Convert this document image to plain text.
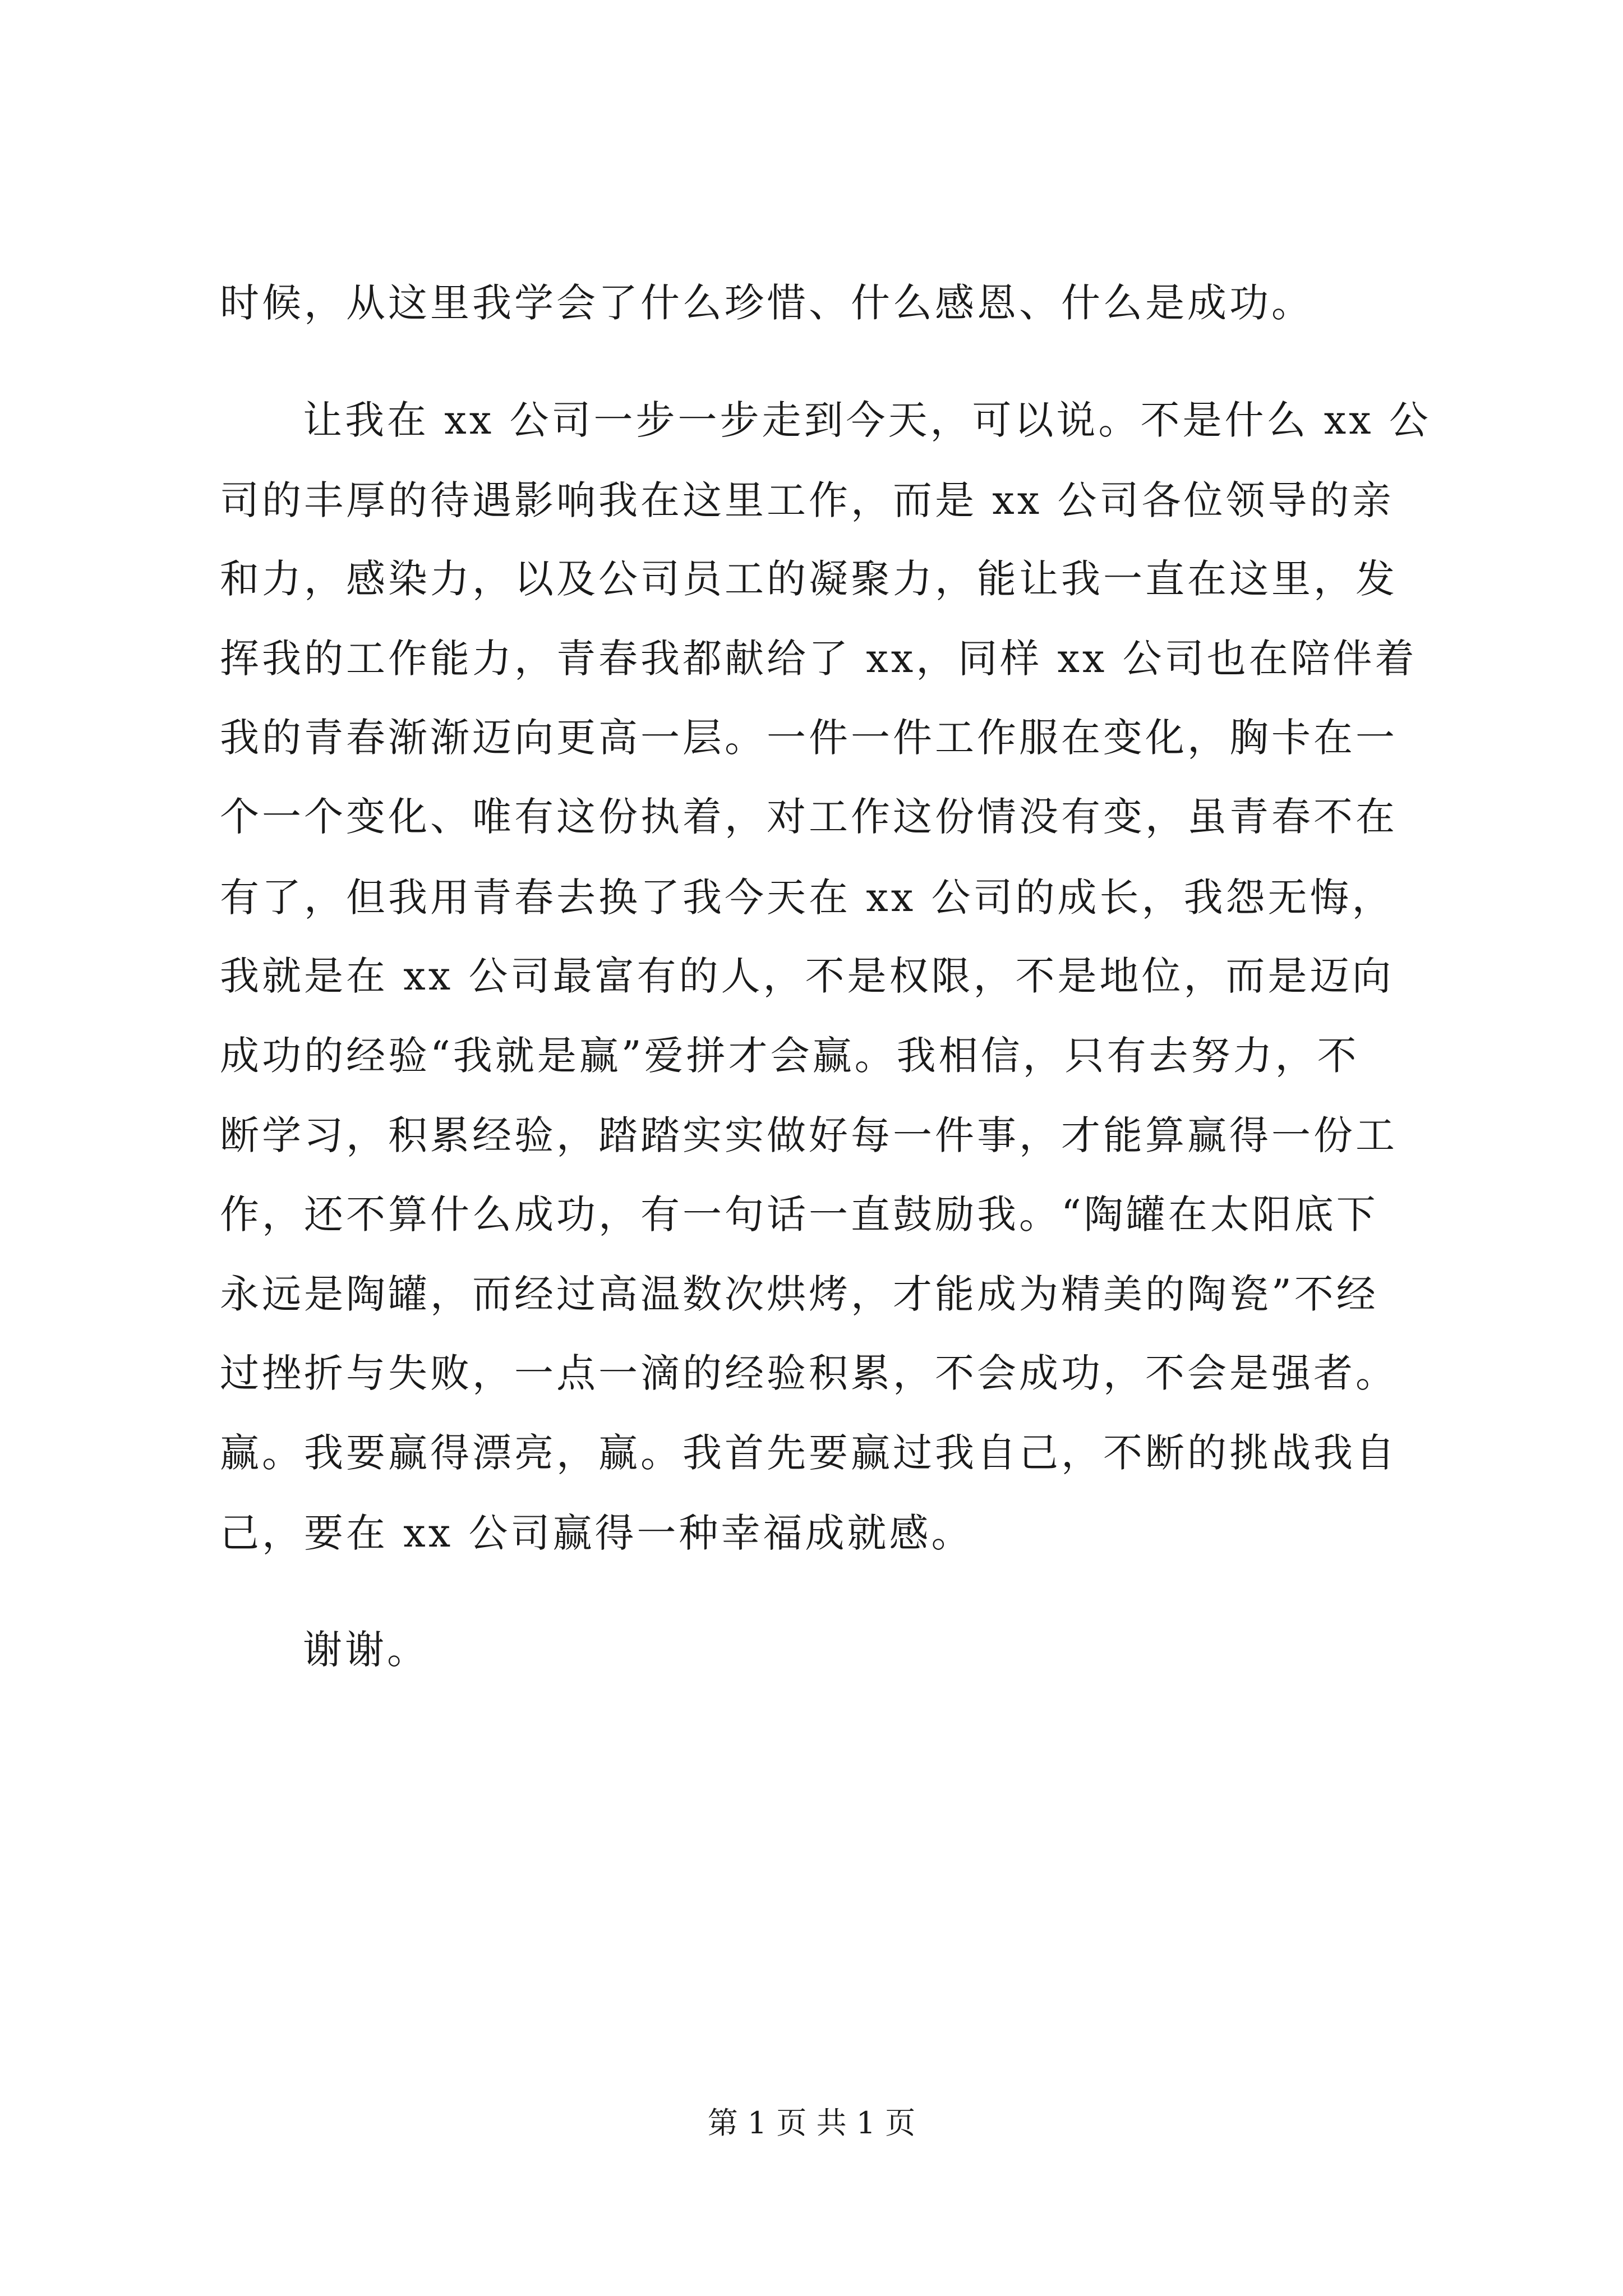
时候，从这里我学会了什么珍惜、什么感恩、什么是成功。
让我在 xx 公司一步一步走到今天，可以说。不是什么 xx 公
司的丰厚的待遇影响我在这里工作，而是 xx 公司各位领导的亲
和力，感染力，以及公司员工的凝聚力，能让我一直在这里，发
挥我的工作能力，青春我都献给了 xx，同样 xx 公司也在陪伴着
我的青春渐渐迈向更高一层。一件一件工作服在变化，胸卡在一
个一个变化、唯有这份执着，对工作这份情没有变，虽青春不在
有了，但我用青春去换了我今天在 xx 公司的成长，我怨无悔，
我就是在 xx 公司最富有的人，不是权限，不是地位，而是迈向
成功的经验“我就是赢”爱拼才会赢。我相信，只有去努力，不
断学习，积累经验，踏踏实实做好每一件事，才能算赢得一份工
作，还不算什么成功，有一句话一直鼓励我。“陶罐在太阳底下
永远是陶罐，而经过高温数次烘烤，才能成为精美的陶瓷”不经
过挫折与失败，一点一滴的经验积累，不会成功，不会是强者。
赢。我要赢得漂亮，赢。我首先要赢过我自己，不断的挑战我自
己，要在 xx 公司赢得一种幸福成就感。
谢谢。
第 1 页 共 1 页
